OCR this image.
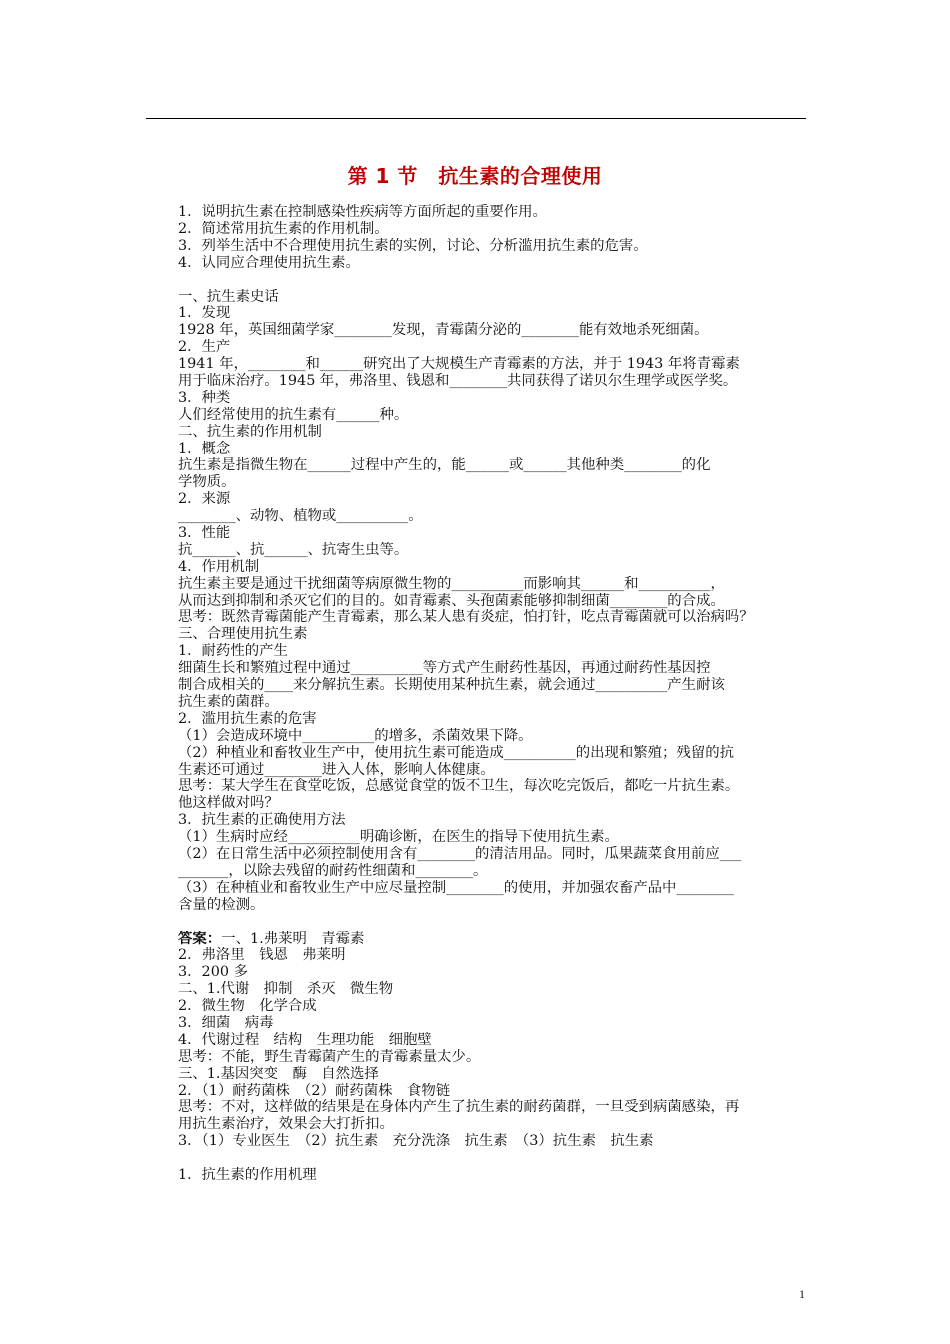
第 1 节　抗生素的合理使用
1．说明抗生素在控制感染性疾病等方面所起的重要作用。
2．简述常用抗生素的作用机制。
3．列举生活中不合理使用抗生素的实例，讨论、分析滥用抗生素的危害。
4．认同应合理使用抗生素。
一、抗生素史话
1．发现
1928 年，英国细菌学家________发现，青霉菌分泌的________能有效地杀死细菌。
2．生产
1941 年，________和______研究出了大规模生产青霉素的方法，并于 1943 年将青霉素
用于临床治疗。1945 年，弗洛里、钱恩和________共同获得了诺贝尔生理学或医学奖。
3．种类
人们经常使用的抗生素有______种。
二、抗生素的作用机制
1．概念
抗生素是指微生物在______过程中产生的，能______或______其他种类________的化
学物质。
2．来源
________、动物、植物或__________。
3．性能
抗______、抗______、抗寄生虫等。
4．作用机制
抗生素主要是通过干扰细菌等病原微生物的__________而影响其______和__________，
从而达到抑制和杀灭它们的目的。如青霉素、头孢菌素能够抑制细菌________的合成。
思考：既然青霉菌能产生青霉素，那么某人患有炎症，怕打针，吃点青霉菌就可以治病吗？
三、合理使用抗生素
1．耐药性的产生
细菌生长和繁殖过程中通过__________等方式产生耐药性基因，再通过耐药性基因控
制合成相关的____来分解抗生素。长期使用某种抗生素，就会通过__________产生耐该
抗生素的菌群。
2．滥用抗生素的危害
（1）会造成环境中__________的增多，杀菌效果下降。
（2）种植业和畜牧业生产中，使用抗生素可能造成__________的出现和繁殖；残留的抗
生素还可通过________进入人体，影响人体健康。
思考：某大学生在食堂吃饭，总感觉食堂的饭不卫生，每次吃完饭后，都吃一片抗生素。
他这样做对吗？
3．抗生素的正确使用方法
（1）生病时应经__________明确诊断，在医生的指导下使用抗生素。
（2）在日常生活中必须控制使用含有________的清洁用品。同时，瓜果蔬菜食用前应___
_______，以除去残留的耐药性细菌和________。
（3）在种植业和畜牧业生产中应尽量控制________的使用，并加强农畜产品中________
含量的检测。
答案：一、1.弗莱明　青霉素
2．弗洛里　钱恩　弗莱明
3．200 多
二、1.代谢　抑制　杀灭　微生物
2．微生物　化学合成
3．细菌　病毒
4．代谢过程　结构　生理功能　细胞壁
思考：不能，野生青霉菌产生的青霉素量太少。
三、1.基因突变　酶　自然选择
2．（1）耐药菌株　（2）耐药菌株　食物链
思考：不对，这样做的结果是在身体内产生了抗生素的耐药菌群，一旦受到病菌感染，再
用抗生素治疗，效果会大打折扣。
3．（1）专业医生　（2）抗生素　充分洗涤　抗生素　（3）抗生素　抗生素
1．抗生素的作用机理
1
